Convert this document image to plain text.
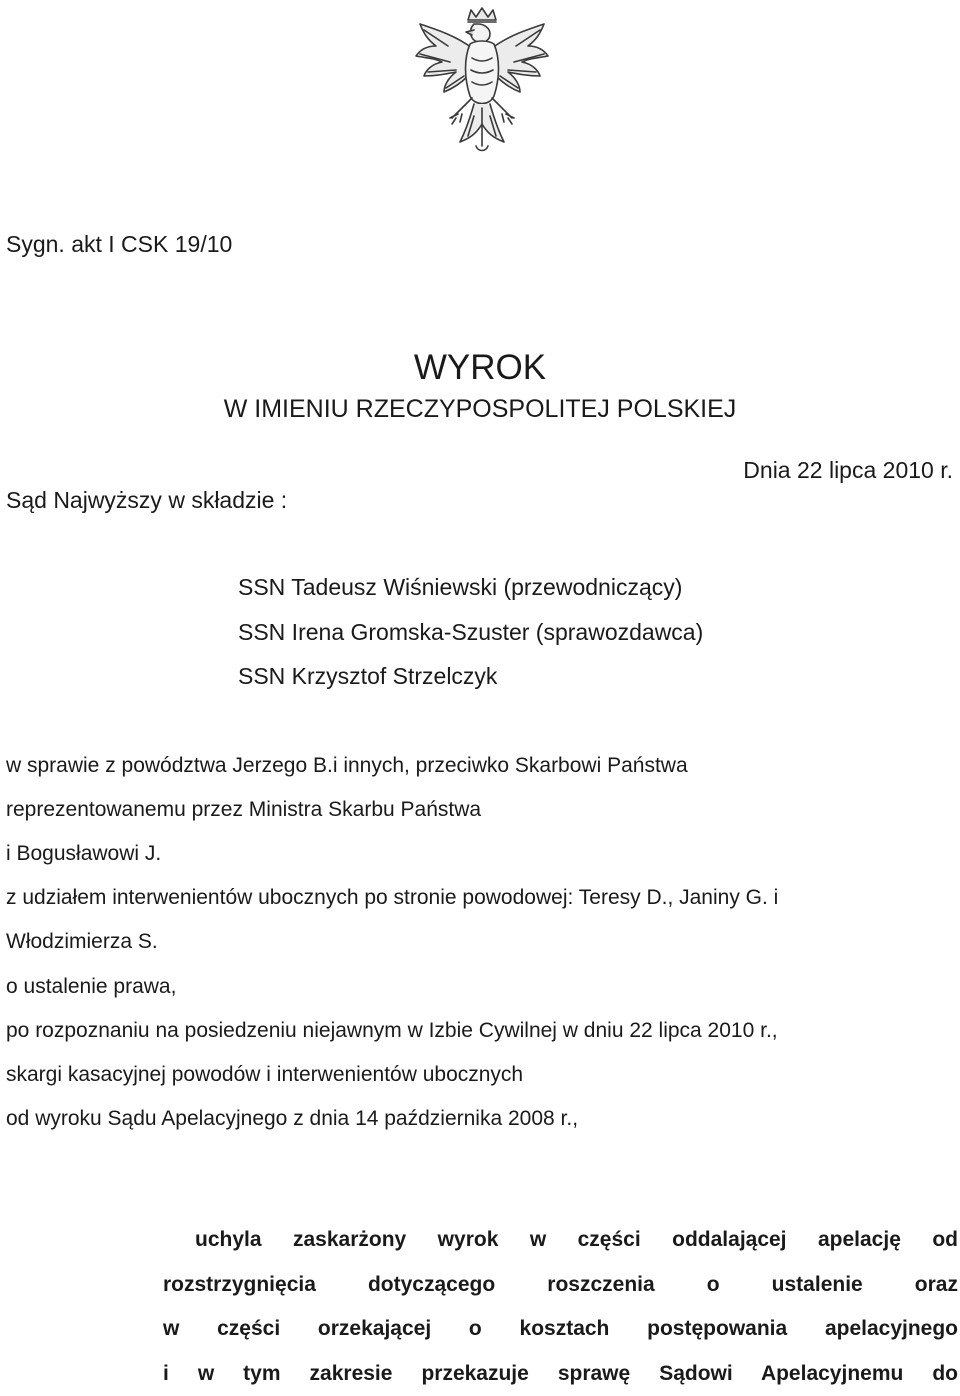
Sygn. akt I CSK 19/10

WYROK
W IMIENIU RZECZYPOSPOLITEJ POLSKIEJ

Dnia 22 lipca 2010 r.

Sąd Najwyższy w składzie :

SSN Tadeusz Wiśniewski (przewodniczący)

SSN Irena Gromska-Szuster (sprawozdawca)

SSN Krzysztof Strzelczyk

w sprawie z powództwa Jerzego B.i innych, przeciwko Skarbowi Państwa

reprezentowanemu przez Ministra Skarbu Państwa

i Bogusławowi J.

z udziałem interwenientów ubocznych po stronie powodowej: Teresy D., Janiny G. i

Włodzimierza S.

o ustalenie prawa,

po rozpoznaniu na posiedzeniu niejawnym w Izbie Cywilnej w dniu 22 lipca 2010 r.,

skargi kasacyjnej powodów i interwenientów ubocznych

od wyroku Sądu Apelacyjnego z dnia 14 października 2008 r.,

uchyla zaskarżony wyrok w części oddalającej apelację od
rozstrzygnięcia dotyczącego roszczenia o ustalenie oraz
w części orzekającej o kosztach postępowania apelacyjnego
i w tym zakresie przekazuje sprawę Sądowi Apelacyjnemu do
